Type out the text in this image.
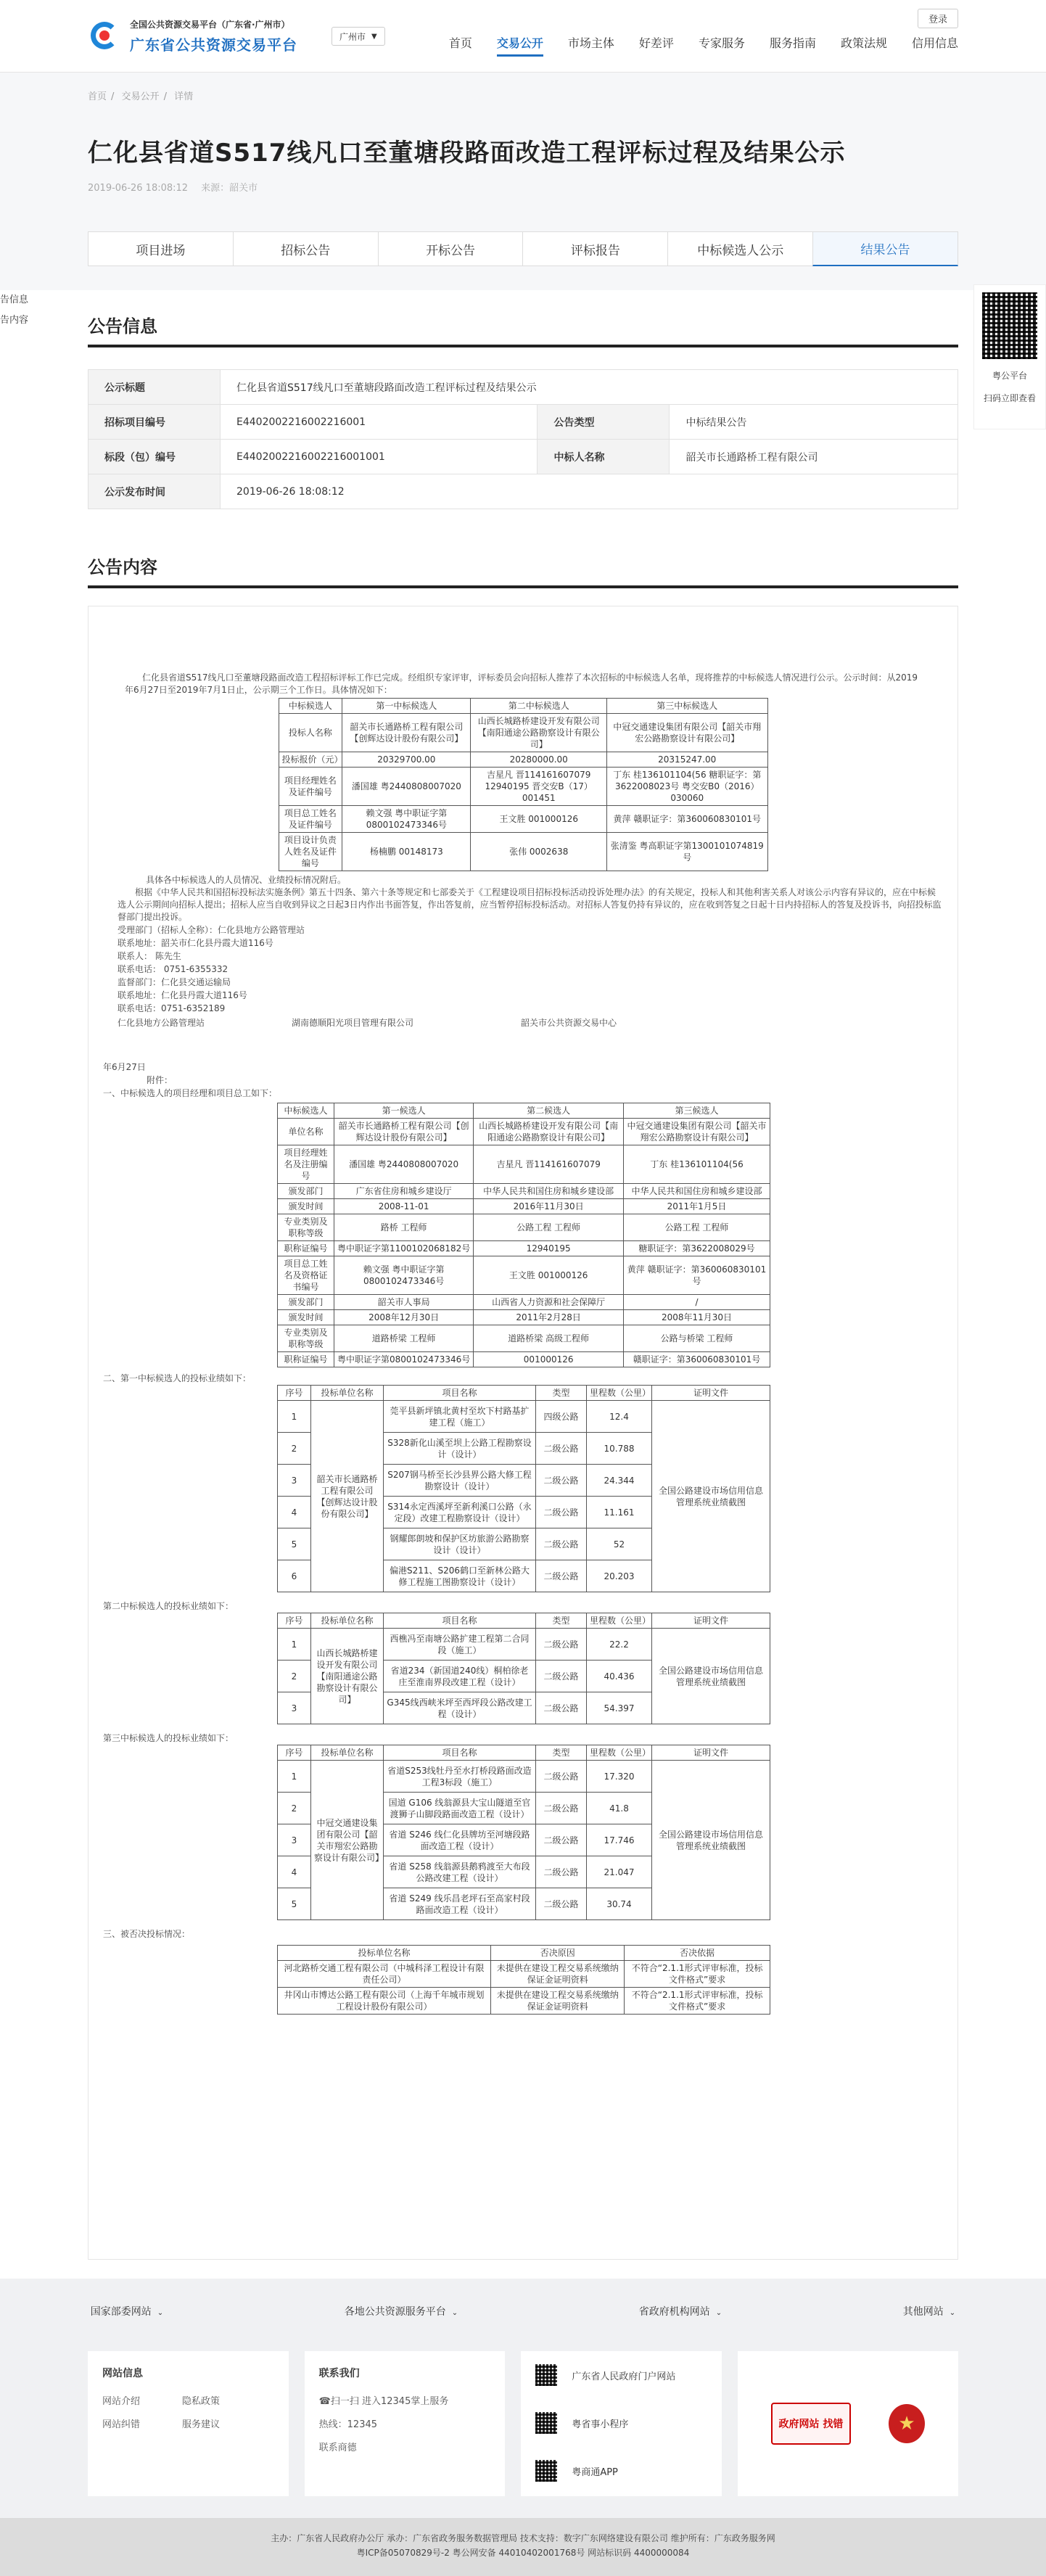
全国公共资源交易平台（广东省·广州市）
广东省公共资源交易平台	广州市 ▼	首页 交易公开 市场主体 好差评 专家服务 服务指南 政策法规 信用信息
登录
首页 / 交易公开 / 详情
仁化县省道S517线凡口至董塘段路面改造工程评标过程及结果公示
2019-06-26 18:08:12 来源：韶关市
项目进场	招标公告	开标公告	评标报告	中标候选人公示	结果公告
告信息
告内容
粤公平台
扫码立即查看
公告信息
公示标题	仁化县省道S517线凡口至董塘段路面改造工程评标过程及结果公示		
招标项目编号	E4402002216002216001	公告类型	中标结果公告
标段（包）编号	E4402002216002216001001	中标人名称	韶关市长通路桥工程有限公司
公示发布时间	2019-06-26 18:08:12		
公告内容
仁化县省道S517线凡口至董塘段路面改造工程招标评标工作已完成。经组织专家评审，评标委员会向招标人推荐了本次招标的中标候选人名单，现将推荐的中标候选人情况进行公示。公示时间：从2019年6月27日至2019年7月1日止，公示期三个工作日。具体情况如下：
中标候选人	第一中标候选人	第二中标候选人	第三中标候选人
投标人名称	韶关市长通路桥工程有限公司【创辉达设计股份有限公司】	山西长城路桥建设开发有限公司【南阳通途公路勘察设计有限公司】	中冠交通建设集团有限公司【韶关市翔宏公路勘察设计有限公司】
投标报价（元）	20329700.00	20280000.00	20315247.00
项目经理姓名及证件编号	潘国雄 粤2440808007020	吉星凡 晋114161607079 12940195 晋交安B（17）001451	丁东 桂136101104(56 糖职证字：第3622008023号 粤交安B0（2016）030060
项目总工姓名及证件编号	赖文强 粤中职证字第0800102473346号	王文胜 001000126	黄萍 赣职证字：第360060830101号
项目设计负责人姓名及证件编号	杨楠鹏 00148173	张伟 0002638	张清鉴 粤高职证字第1300101074819号
具体各中标候选人的人员情况、业绩投标情况附后。
根据《中华人民共和国招标投标法实施条例》第五十四条、第六十条等规定和七部委关于《工程建设项目招标投标活动投诉处理办法》的有关规定，投标人和其他利害关系人对该公示内容有异议的，应在中标候选人公示期间向招标人提出；招标人应当自收到异议之日起3日内作出书面答复，作出答复前，应当暂停招标投标活动。对招标人答复仍持有异议的，应在收到答复之日起十日内持招标人的答复及投诉书，向招投标监督部门提出投诉。
受理部门（招标人全称）：仁化县地方公路管理站
联系地址：韶关市仁化县丹霞大道116号
联系人： 陈先生
联系电话： 0751-6355332
监督部门：仁化县交通运输局
联系地址：仁化县丹霞大道116号
联系电话：0751-6352189
仁化县地方公路管理站	湖南德顺阳光项目管理有限公司	韶关市公共资源交易中心
年6月27日
附件：
一、中标候选人的项目经理和项目总工如下：
中标候选人	第一候选人	第二候选人	第三候选人
单位名称	韶关市长通路桥工程有限公司【创辉达设计股份有限公司】	山西长城路桥建设开发有限公司【南阳通途公路勘察设计有限公司】	中冠交通建设集团有限公司【韶关市翔宏公路勘察设计有限公司】
项目经理姓名及注册编号	潘国雄 粤2440808007020	吉星凡 晋114161607079	丁东 桂136101104(56
颁发部门	广东省住房和城乡建设厅	中华人民共和国住房和城乡建设部	中华人民共和国住房和城乡建设部
颁发时间	2008-11-01	2016年11月30日	2011年1月5日
专业类别及职称等级	路桥 工程师	公路工程 工程师	公路工程 工程师
职称证编号	粤中职证字第1100102068182号	12940195	糖职证字：第3622008029号
项目总工姓名及资格证书编号	赖文强 粤中职证字第0800102473346号	王文胜 001000126	黄萍 赣职证字：第360060830101号
颁发部门	韶关市人事局	山西省人力资源和社会保障厅	/
颁发时间	2008年12月30日	2011年2月28日	2008年11月30日
专业类别及职称等级	道路桥梁 工程师	道路桥梁 高级工程师	公路与桥梁 工程师
职称证编号	粤中职证字第0800102473346号	001000126	赣职证字：第360060830101号
二、第一中标候选人的投标业绩如下：
序号	投标单位名称	项目名称	类型	里程数（公里）	证明文件
1	韶关市长通路桥工程有限公司【创辉达设计股份有限公司】	莞平县新坪镇北黄村至坎下村路基扩建工程（施工）	四级公路	12.4	全国公路建设市场信用信息管理系统业绩截图
2		S328新化山溪至坝上公路工程勘察设计（设计）	二级公路	10.788	
3		S207钢马桥至长沙县界公路大修工程勘察设计（设计）	二级公路	24.344	
4		S314永定西溪坪至新利溪口公路（永定段）改建工程勘察设计（设计）	二级公路	11.161	
5		钢耀郎朗坡和保护区坊旅游公路勘察设计（设计）	二级公路	52	
6		偏港S211、S206鹤口至新林公路大修工程施工图勘察设计（设计）	二级公路	20.203	
第二中标候选人的投标业绩如下：
序号	投标单位名称	项目名称	类型	里程数（公里）	证明文件
1	山西长城路桥建设开发有限公司【南阳通途公路勘察设计有限公司】	西樵冯至南塘公路扩建工程第二合同段（施工）	二级公路	22.2	全国公路建设市场信用信息管理系统业绩截图
2		省道234（新国道240线）桐柏徐老庄至淮南界段改建工程（设计）	二级公路	40.436	
3		G345线西峡米坪至西坪段公路改建工程（设计）	二级公路	54.397	
第三中标候选人的投标业绩如下：
序号	投标单位名称	项目名称	类型	里程数（公里）	证明文件
1	中冠交通建设集团有限公司【韶关市翔宏公路勘察设计有限公司】	省道S253线牡丹至水打桥段路面改造工程3标段（施工）	二级公路	17.320	全国公路建设市场信用信息管理系统业绩截图
2		国道 G106 线翁源县大宝山隧道至官渡狮子山脚段路面改造工程（设计）	二级公路	41.8	
3		省道 S246 线仁化县牌坊至河塘段路面改造工程（设计）	二级公路	17.746	
4		省道 S258 线翁源县鹅鸦渡至大布段公路改建工程（设计）	二级公路	21.047	
5		省道 S249 线乐昌老坪石至高家村段路面改造工程（设计）	二级公路	30.74	
三、被否决投标情况：
投标单位名称	否决原因	否决依据
河北路桥交通工程有限公司（中城科泽工程设计有限责任公司）	未提供在建设工程交易系统缴纳保证金证明资料	不符合“2.1.1形式评审标准，投标文件格式”要求
井冈山市博达公路工程有限公司（上海千年城市规划工程设计股份有限公司）	未提供在建设工程交易系统缴纳保证金证明资料	不符合“2.1.1形式评审标准，投标文件格式”要求
国家部委网站 ⌄	各地公共资源服务平台 ⌄	省政府机构网站 ⌄	其他网站 ⌄
网站信息
网站介绍	隐私政策
网站纠错	服务建议
联系我们
☎扫一扫 进入12345掌上服务
热线：12345
联系商德
广东省人民政府门户网站
粤省事小程序
粤商通APP
政府网站 找错	★
主办：广东省人民政府办公厅 承办：广东省政务服务数据管理局 技术支持：数字广东网络建设有限公司 维护所有：广东政务服务网
粤ICP备05070829号-2 粤公网安备 44010402001768号 网站标识码 4400000084
